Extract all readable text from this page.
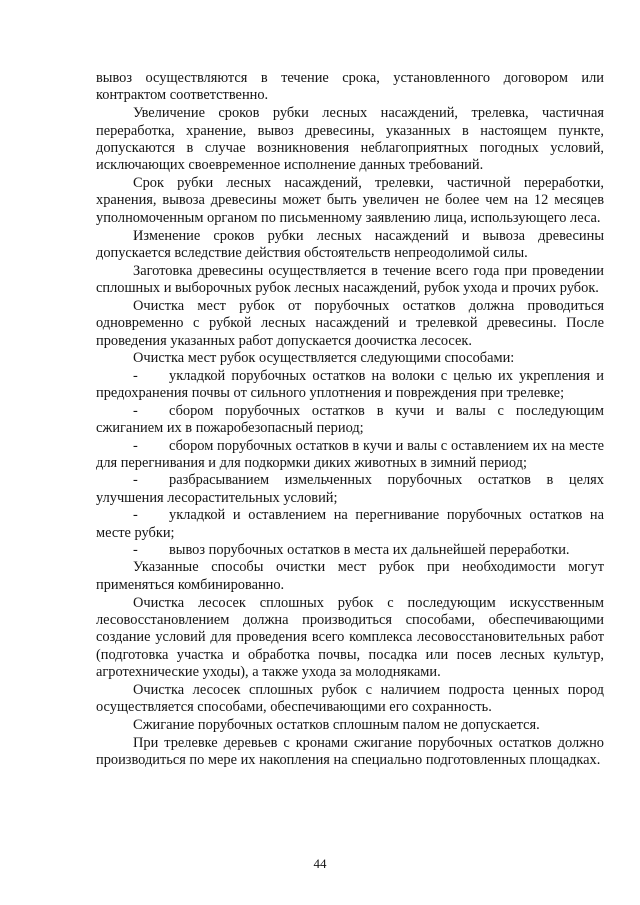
вывоз осуществляются в течение срока, установленного договором или контрактом соответственно.

Увеличение сроков рубки лесных насаждений, трелевка, частичная переработка, хранение, вывоз древесины, указанных в настоящем пункте, допускаются в случае возникновения неблагоприятных погодных условий, исключающих своевременное исполнение данных требований.

Срок рубки лесных насаждений, трелевки, частичной переработки, хранения, вывоза древесины может быть увеличен не более чем на 12 месяцев уполномоченным органом по письменному заявлению лица, использующего леса.

Изменение сроков рубки лесных насаждений и вывоза древесины допускается вследствие действия обстоятельств непреодолимой силы.

Заготовка древесины осуществляется в течение всего года при проведении сплошных и выборочных рубок лесных насаждений, рубок ухода и прочих рубок.

Очистка мест рубок от порубочных остатков должна проводиться одновременно с рубкой лесных насаждений и трелевкой древесины. После проведения указанных работ допускается доочистка лесосек.

Очистка мест рубок осуществляется следующими способами:

- укладкой порубочных остатков на волоки с целью их укрепления и предохранения почвы от сильного уплотнения и повреждения при трелевке;

- сбором порубочных остатков в кучи и валы с последующим сжиганием их в пожаробезопасный период;

- сбором порубочных остатков в кучи и валы с оставлением их на месте для перегнивания и для подкормки диких животных в зимний период;

- разбрасыванием измельченных порубочных остатков в целях улучшения лесорастительных условий;

- укладкой и оставлением на перегнивание порубочных остатков на месте рубки;

- вывоз порубочных остатков в места их дальнейшей переработки.

Указанные способы очистки мест рубок при необходимости могут применяться комбинированно.

Очистка лесосек сплошных рубок с последующим искусственным лесовосстановлением должна производиться способами, обеспечивающими создание условий для проведения всего комплекса лесовосстановительных работ (подготовка участка и обработка почвы, посадка или посев лесных культур, агротехнические уходы), а также ухода за молодняками.

Очистка лесосек сплошных рубок с наличием подроста ценных пород осуществляется способами, обеспечивающими его сохранность.

Сжигание порубочных остатков сплошным палом не допускается.

При трелевке деревьев с кронами сжигание порубочных остатков должно производиться по мере их накопления на специально подготовленных площадках.

44
